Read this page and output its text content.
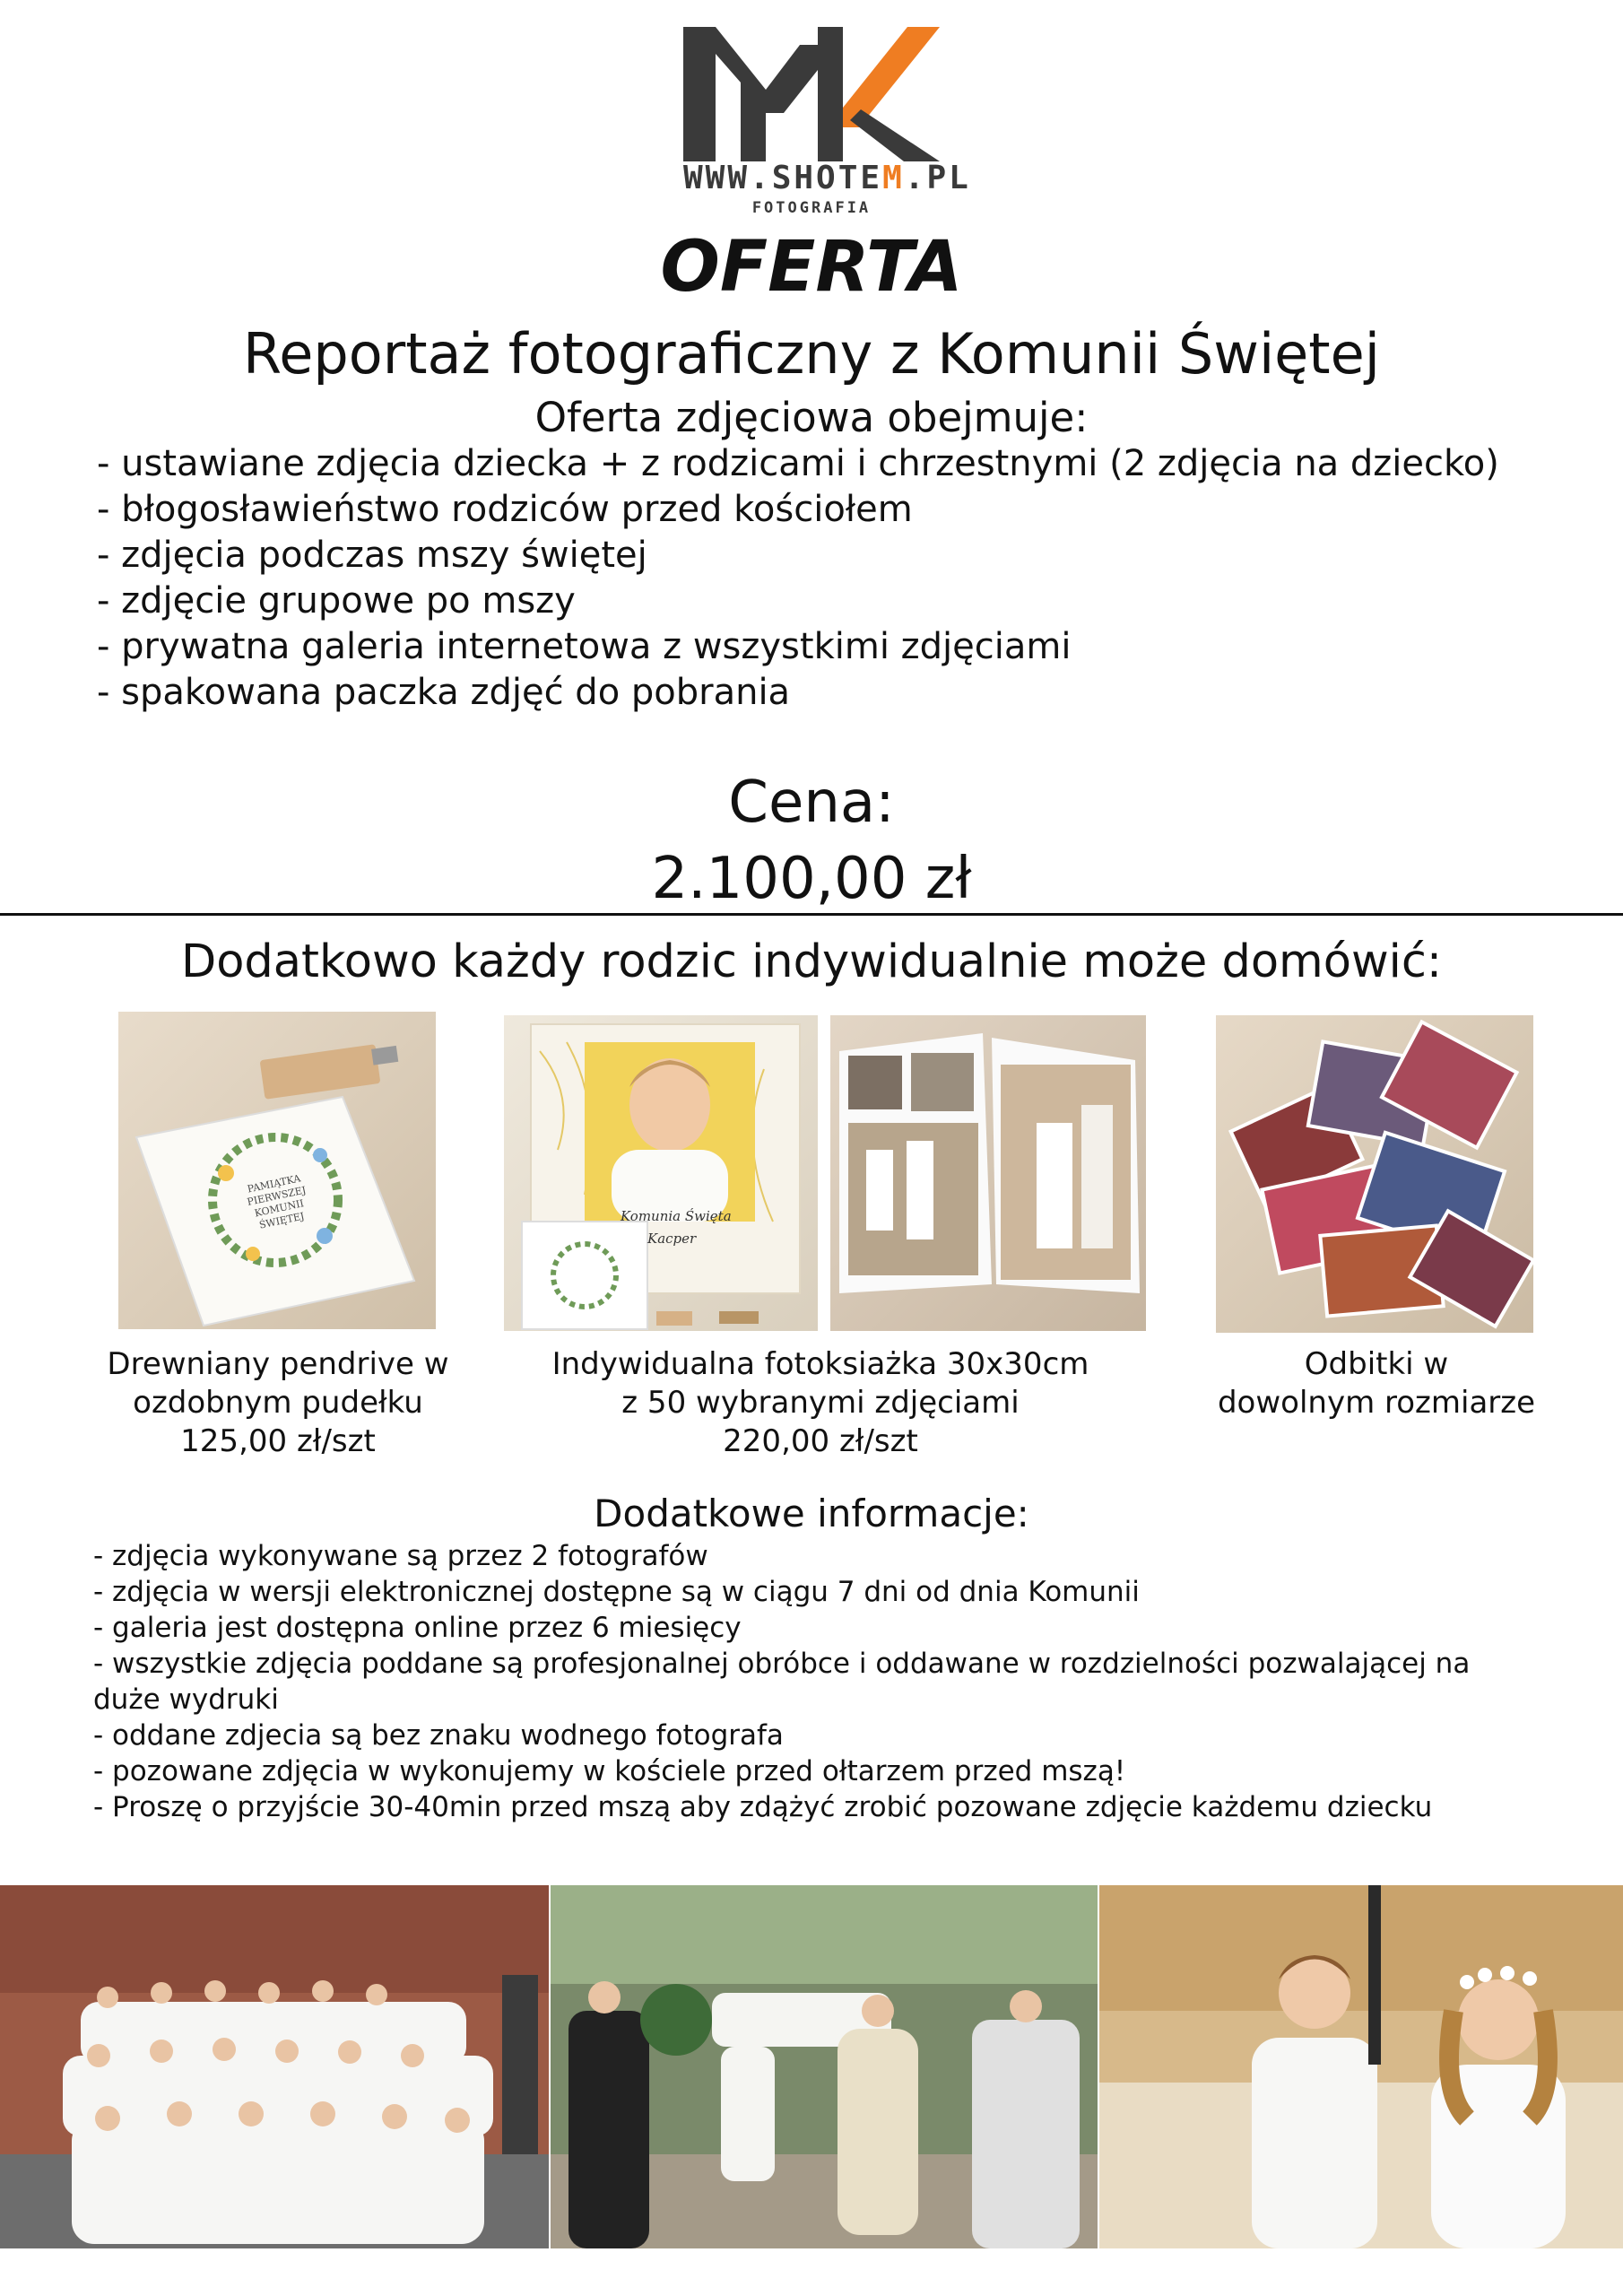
WWW.SHOTEM.PL
FOTOGRAFIA
OFERTA
Reportaż fotograficzny z Komunii Świętej
Oferta zdjęciowa obejmuje:
- ustawiane zdjęcia dziecka + z rodzicami i chrzestnymi (2 zdjęcia na dziecko)
- błogosławieństwo rodziców przed kościołem
- zdjęcia podczas mszy świętej
- zdjęcie grupowe po mszy
- prywatna galeria internetowa z wszystkimi zdjęciami
- spakowana paczka zdjęć do pobrania
Cena:
2.100,00 zł
Dodatkowo każdy rodzic indywidualnie może domówić:
PAMIĄTKA PIERWSZEJ KOMUNII ŚWIĘTEJ	Komunia Święta
Kacper
Drewniany pendrive w
ozdobnym pudełku
125,00 zł/szt
Indywidualna fotoksiażka 30x30cm
z 50 wybranymi zdjęciami
220,00 zł/szt
Odbitki w
dowolnym rozmiarze
Dodatkowe informacje:
- zdjęcia wykonywane są przez 2 fotografów
- zdjęcia w wersji elektronicznej dostępne są w ciągu 7 dni od dnia Komunii
- galeria jest dostępna online przez 6 miesięcy
- wszystkie zdjęcia poddane są profesjonalnej obróbce i oddawane w rozdzielności pozwalającej na duże wydruki
- oddane zdjecia są bez znaku wodnego fotografa
- pozowane zdjęcia w wykonujemy w kościele przed ołtarzem przed mszą!
- Proszę o przyjście 30-40min przed mszą aby zdążyć zrobić pozowane zdjęcie każdemu dziecku
